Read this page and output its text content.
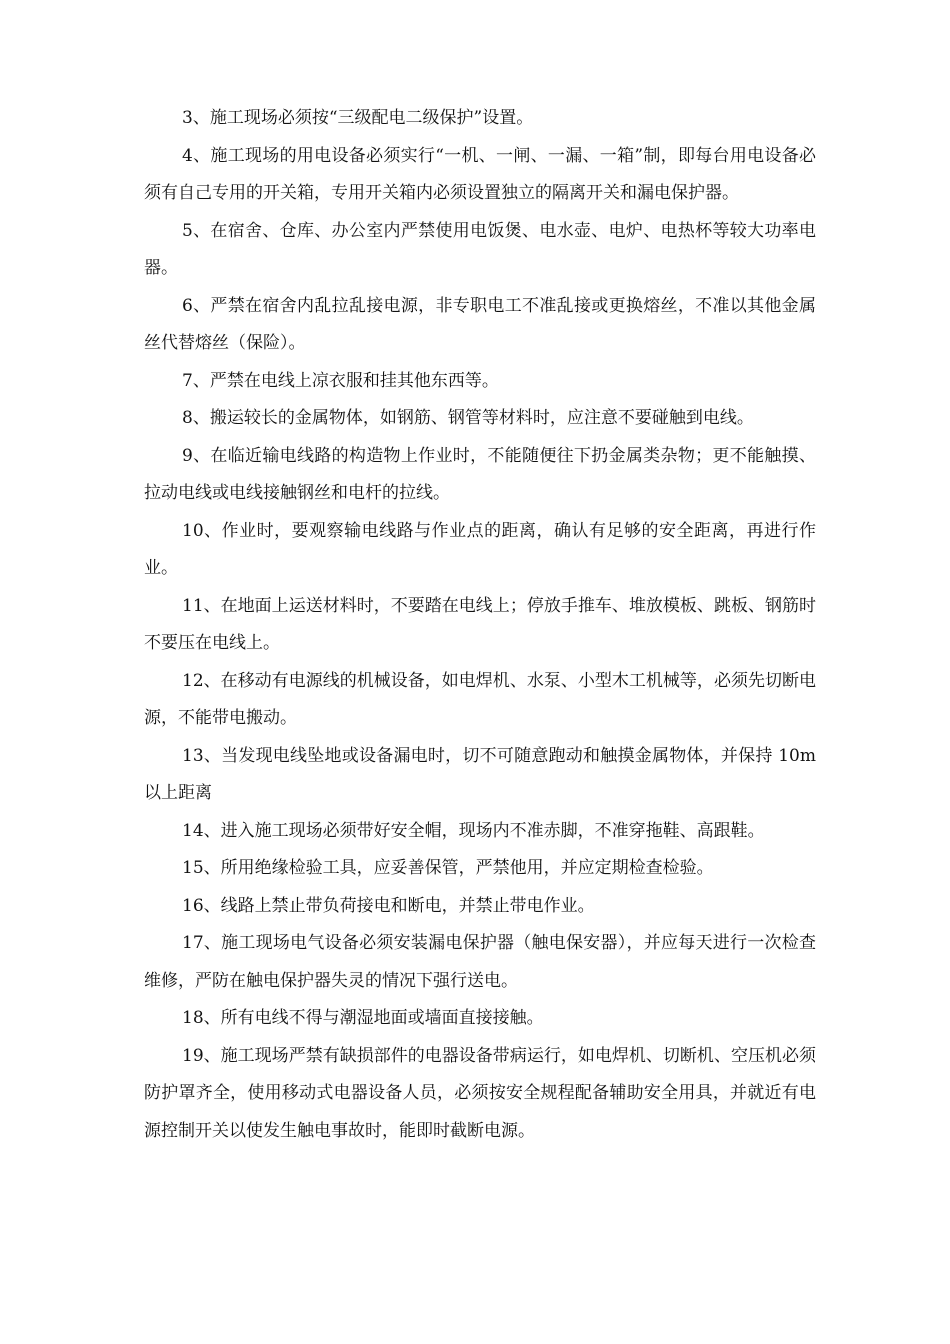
3、施工现场必须按“三级配电二级保护”设置。

4、施工现场的用电设备必须实行“一机、一闸、一漏、一箱”制，即每台用电设备必须有自己专用的开关箱，专用开关箱内必须设置独立的隔离开关和漏电保护器。

5、在宿舍、仓库、办公室内严禁使用电饭煲、电水壶、电炉、电热杯等较大功率电器。

6、严禁在宿舍内乱拉乱接电源，非专职电工不准乱接或更换熔丝，不准以其他金属丝代替熔丝（保险）。

7、严禁在电线上凉衣服和挂其他东西等。

8、搬运较长的金属物体，如钢筋、钢管等材料时，应注意不要碰触到电线。

9、在临近输电线路的构造物上作业时，不能随便往下扔金属类杂物；更不能触摸、拉动电线或电线接触钢丝和电杆的拉线。

10、作业时，要观察输电线路与作业点的距离，确认有足够的安全距离，再进行作业。

11、在地面上运送材料时，不要踏在电线上；停放手推车、堆放模板、跳板、钢筋时不要压在电线上。

12、在移动有电源线的机械设备，如电焊机、水泵、小型木工机械等，必须先切断电源，不能带电搬动。

13、当发现电线坠地或设备漏电时，切不可随意跑动和触摸金属物体，并保持 10m 以上距离

14、进入施工现场必须带好安全帽，现场内不准赤脚，不准穿拖鞋、高跟鞋。

15、所用绝缘检验工具，应妥善保管，严禁他用，并应定期检查检验。

16、线路上禁止带负荷接电和断电，并禁止带电作业。

17、施工现场电气设备必须安装漏电保护器（触电保安器），并应每天进行一次检查维修，严防在触电保护器失灵的情况下强行送电。

18、所有电线不得与潮湿地面或墙面直接接触。

19、施工现场严禁有缺损部件的电器设备带病运行，如电焊机、切断机、空压机必须防护罩齐全，使用移动式电器设备人员，必须按安全规程配备辅助安全用具，并就近有电源控制开关以使发生触电事故时，能即时截断电源。
